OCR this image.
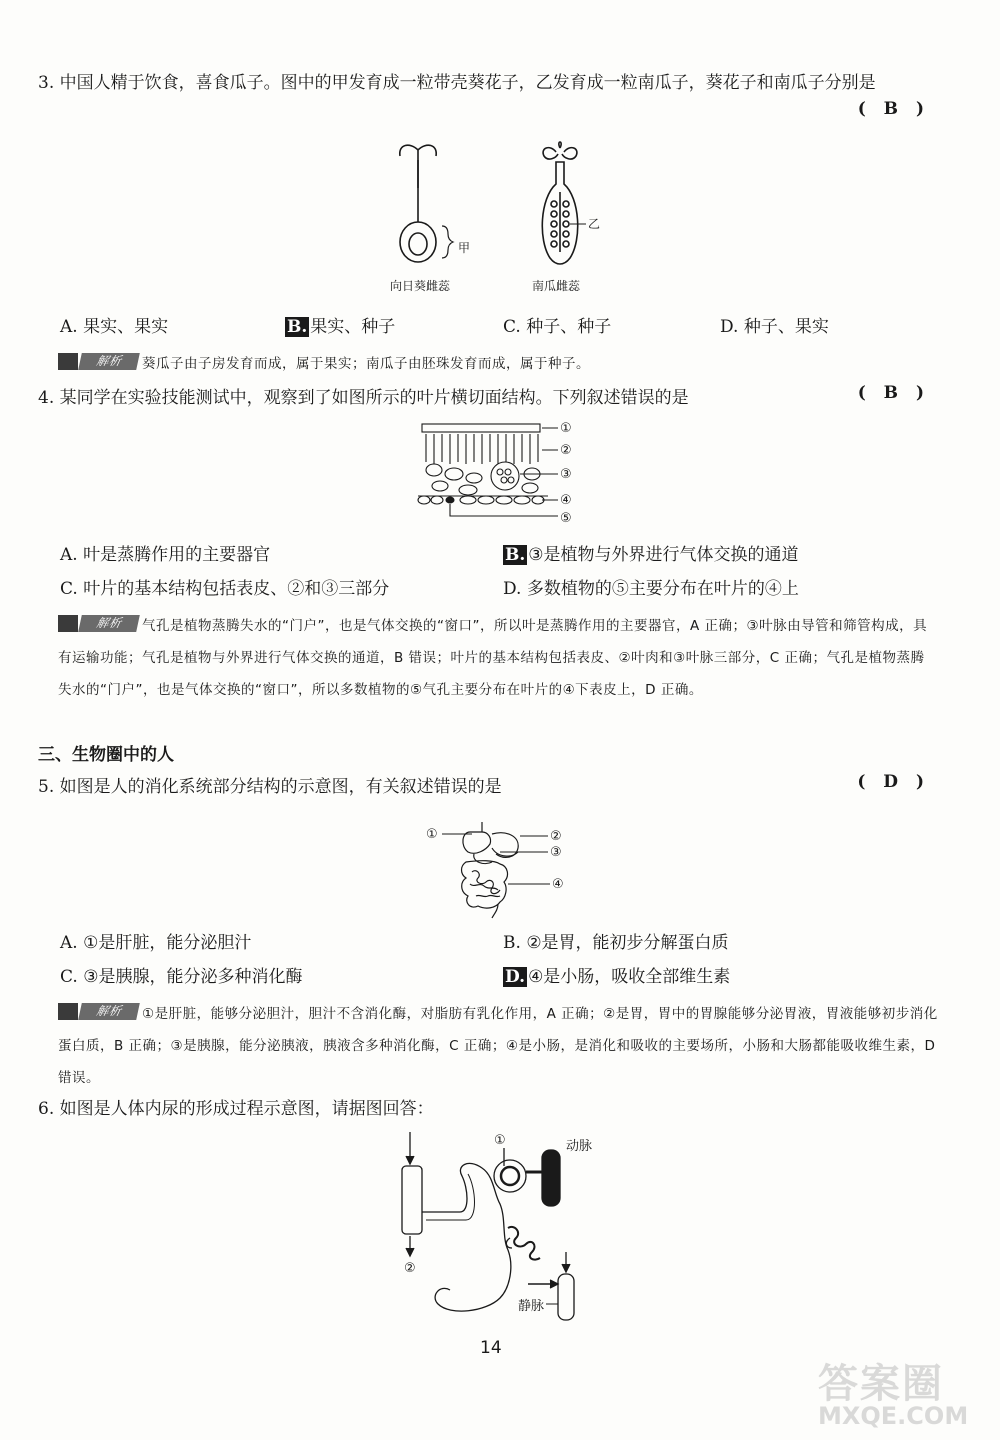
3. 中国人精于饮食，喜食瓜子。图中的甲发育成一粒带壳葵花子，乙发育成一粒南瓜子，葵花子和南瓜子分别是
( B )
甲
向日葵雌蕊
乙
南瓜雌蕊
A. 果实、果实	B. 果实、种子	C. 种子、种子	D. 种子、果实
解析	葵瓜子由子房发育而成，属于果实；南瓜子由胚珠发育而成，属于种子。
4. 某同学在实验技能测试中，观察到了如图所示的叶片横切面结构。下列叙述错误的是	( B )
①
②
③
④
⑤
A. 叶是蒸腾作用的主要器官	B. ③是植物与外界进行气体交换的通道
C. 叶片的基本结构包括表皮、②和③三部分	D. 多数植物的⑤主要分布在叶片的④上
解析	气孔是植物蒸腾失水的“门户”，也是气体交换的“窗口”，所以叶是蒸腾作用的主要器官，A 正确；③叶脉由导管和筛管构成，具有运输功能；气孔是植物与外界进行气体交换的通道，B 错误；叶片的基本结构包括表皮、②叶肉和③叶脉三部分，C 正确；气孔是植物蒸腾失水的“门户”，也是气体交换的“窗口”，所以多数植物的⑤气孔主要分布在叶片的④下表皮上，D 正确。
三、生物圈中的人
5. 如图是人的消化系统部分结构的示意图，有关叙述错误的是	( D )
①	②
③
④
A. ①是肝脏，能分泌胆汁	B. ②是胃，能初步分解蛋白质
C. ③是胰腺，能分泌多种消化酶	D. ④是小肠，吸收全部维生素
解析	①是肝脏，能够分泌胆汁，胆汁不含消化酶，对脂肪有乳化作用，A 正确；②是胃，胃中的胃腺能够分泌胃液，胃液能够初步消化蛋白质，B 正确；③是胰腺，能分泌胰液，胰液含多种消化酶，C 正确；④是小肠，是消化和吸收的主要场所，小肠和大肠都能吸收维生素，D 错误。
6. 如图是人体内尿的形成过程示意图，请据图回答：
①
②
动脉
静脉
14
答案圈
MXQE.COM
